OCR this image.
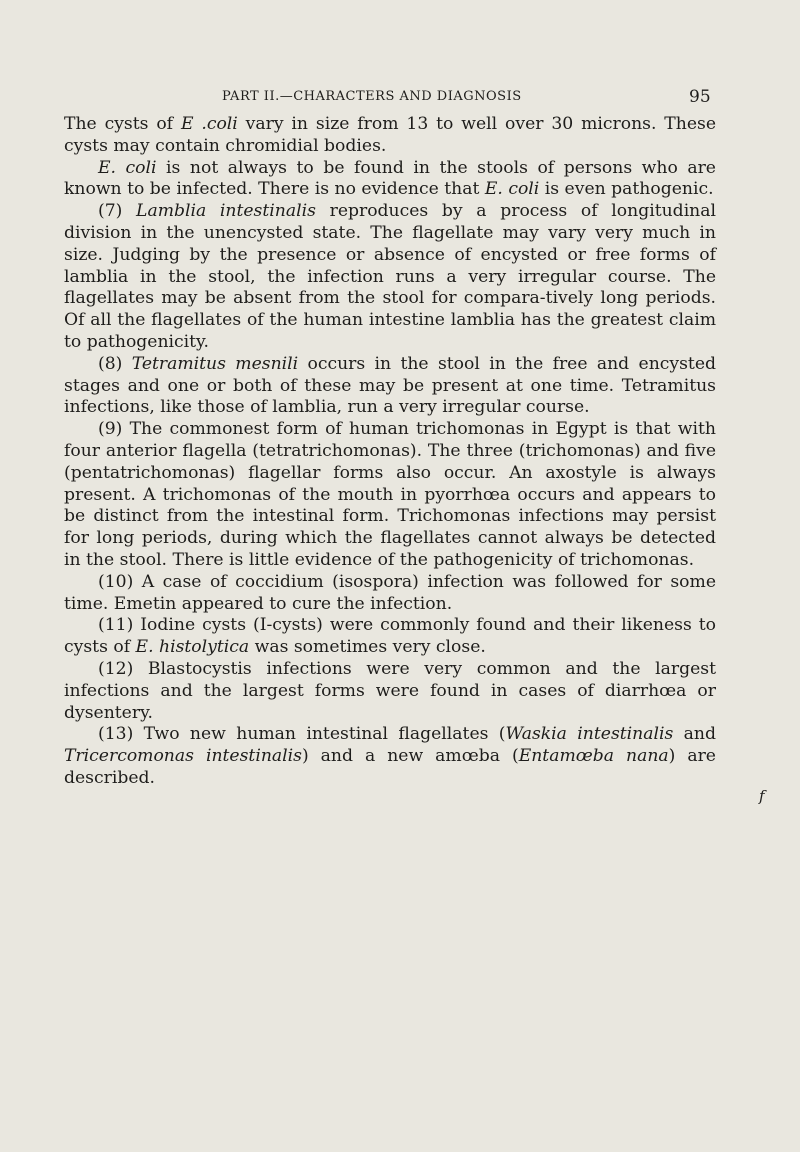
PART II.—CHARACTERS AND DIAGNOSIS	95

The cysts of E .coli vary in size from 13 to well over 30 microns. These cysts may contain chromidial bodies.

E. coli is not always to be found in the stools of persons who are known to be infected. There is no evidence that E. coli is even pathogenic.

(7) Lamblia intestinalis reproduces by a process of longitudinal division in the unencysted state. The flagellate may vary very much in size. Judging by the presence or absence of encysted or free forms of lamblia in the stool, the infection runs a very irregular course. The flagellates may be absent from the stool for compara-tively long periods. Of all the flagellates of the human intestine lamblia has the greatest claim to pathogenicity.

(8) Tetramitus mesnili occurs in the stool in the free and encysted stages and one or both of these may be present at one time. Tetramitus infections, like those of lamblia, run a very irregular course.

(9) The commonest form of human trichomonas in Egypt is that with four anterior flagella (tetratrichomonas). The three (trichomonas) and five (pentatrichomonas) flagellar forms also occur. An axostyle is always present. A trichomonas of the mouth in pyorrhœa occurs and appears to be distinct from the intestinal form. Trichomonas infections may persist for long periods, during which the flagellates cannot always be detected in the stool. There is little evidence of the pathogenicity of trichomonas.

(10) A case of coccidium (isospora) infection was followed for some time. Emetin appeared to cure the infection.

(11) Iodine cysts (I-cysts) were commonly found and their likeness to cysts of E. histolytica was sometimes very close.

(12) Blastocystis infections were very common and the largest infections and the largest forms were found in cases of diarrhœa or dysentery.

(13) Two new human intestinal flagellates (Waskia intestinalis and Tricercomonas intestinalis) and a new amœba (Entamœba nana) are described.

f
